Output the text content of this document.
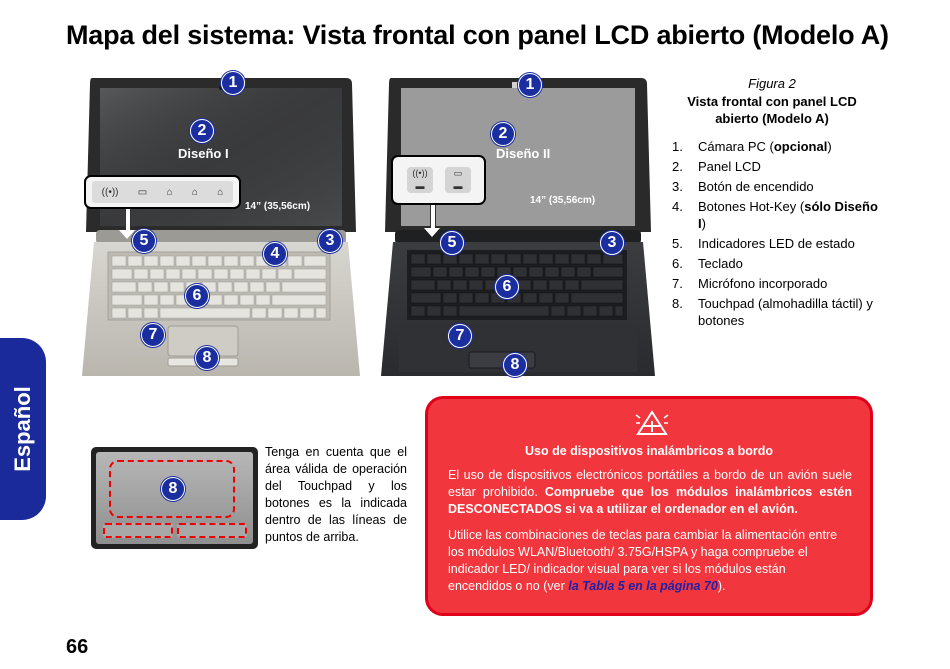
Mapa del sistema: Vista frontal con panel LCD abierto (Modelo A)
Español
((•)) ▭ ⌂ ⌂ ⌂
Diseño I
14” (35,56cm)
1
2
3
4
5
6
7
8
((•))
▬
▭
▬
Diseño II
14” (35,56cm)
1
2
3
5
6
7
8
Figura 2
Vista frontal con panel LCD abierto (Modelo A)
1. Cámara PC (opcional)
2. Panel LCD
3. Botón de encendido
4. Botones Hot-Key (sólo Diseño I)
5. Indicadores LED de estado
6. Teclado
7. Micrófono incorporado
8. Touchpad (almohadilla táctil) y botones
8
Tenga en cuenta que el área válida de operación del Touchpad y los botones es la indicada dentro de las líneas de puntos de arriba.
Uso de dispositivos inalámbricos a bordo
El uso de dispositivos electrónicos portátiles a bordo de un avión suele estar prohibido. Compruebe que los módulos inalámbricos estén DESCONECTADOS si va a utilizar el ordenador en el avión.
Utilice las combinaciones de teclas para cambiar la alimentación entre los módulos WLAN/Bluetooth/ 3.75G/HSPA y haga compruebe el indicador LED/ indicador visual para ver si los módulos están encendidos o no (ver la Tabla 5 en la página 70).
66
